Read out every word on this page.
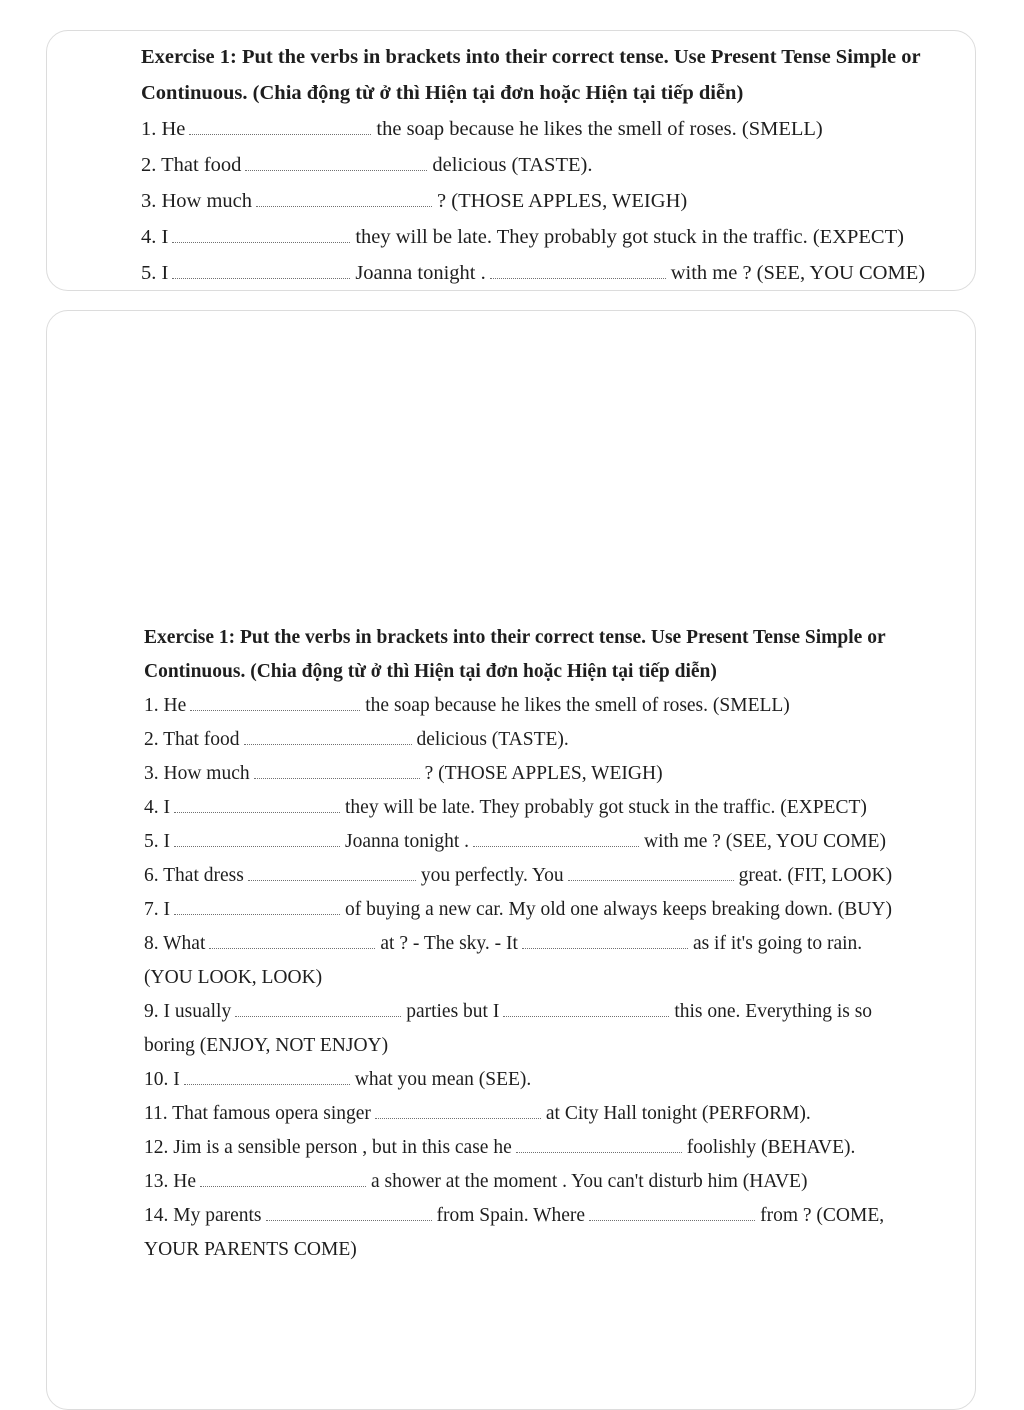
Exercise 1: Put the verbs in brackets into their correct tense. Use Present Tense Simple or

Continuous. (Chia động từ ở thì Hiện tại đơn hoặc Hiện tại tiếp diễn)

1. He	the soap because he likes the smell of roses. (SMELL)

2. That food	delicious (TASTE).

3. How much	? (THOSE APPLES, WEIGH)

4. I	they will be late. They probably got stuck in the traffic. (EXPECT)

5. I	Joanna tonight .	with me ? (SEE, YOU COME)

Exercise 1: Put the verbs in brackets into their correct tense. Use Present Tense Simple or

Continuous. (Chia động từ ở thì Hiện tại đơn hoặc Hiện tại tiếp diễn)

1. He	the soap because he likes the smell of roses. (SMELL)

2. That food	delicious (TASTE).

3. How much	? (THOSE APPLES, WEIGH)

4. I	they will be late. They probably got stuck in the traffic. (EXPECT)

5. I	Joanna tonight .	with me ? (SEE, YOU COME)

6. That dress	you perfectly. You	great. (FIT, LOOK)

7. I	of buying a new car. My old one always keeps breaking down. (BUY)

8. What	at ? - The sky. - It	as if it's going to rain.

(YOU LOOK, LOOK)

9. I usually	parties but I	this one. Everything is so

boring (ENJOY, NOT ENJOY)

10. I	what you mean (SEE).

11. That famous opera singer	at City Hall tonight (PERFORM).

12. Jim is a sensible person , but in this case he	foolishly (BEHAVE).

13. He	a shower at the moment . You can't disturb him (HAVE)

14. My parents	from Spain. Where	from ? (COME,

YOUR PARENTS COME)
